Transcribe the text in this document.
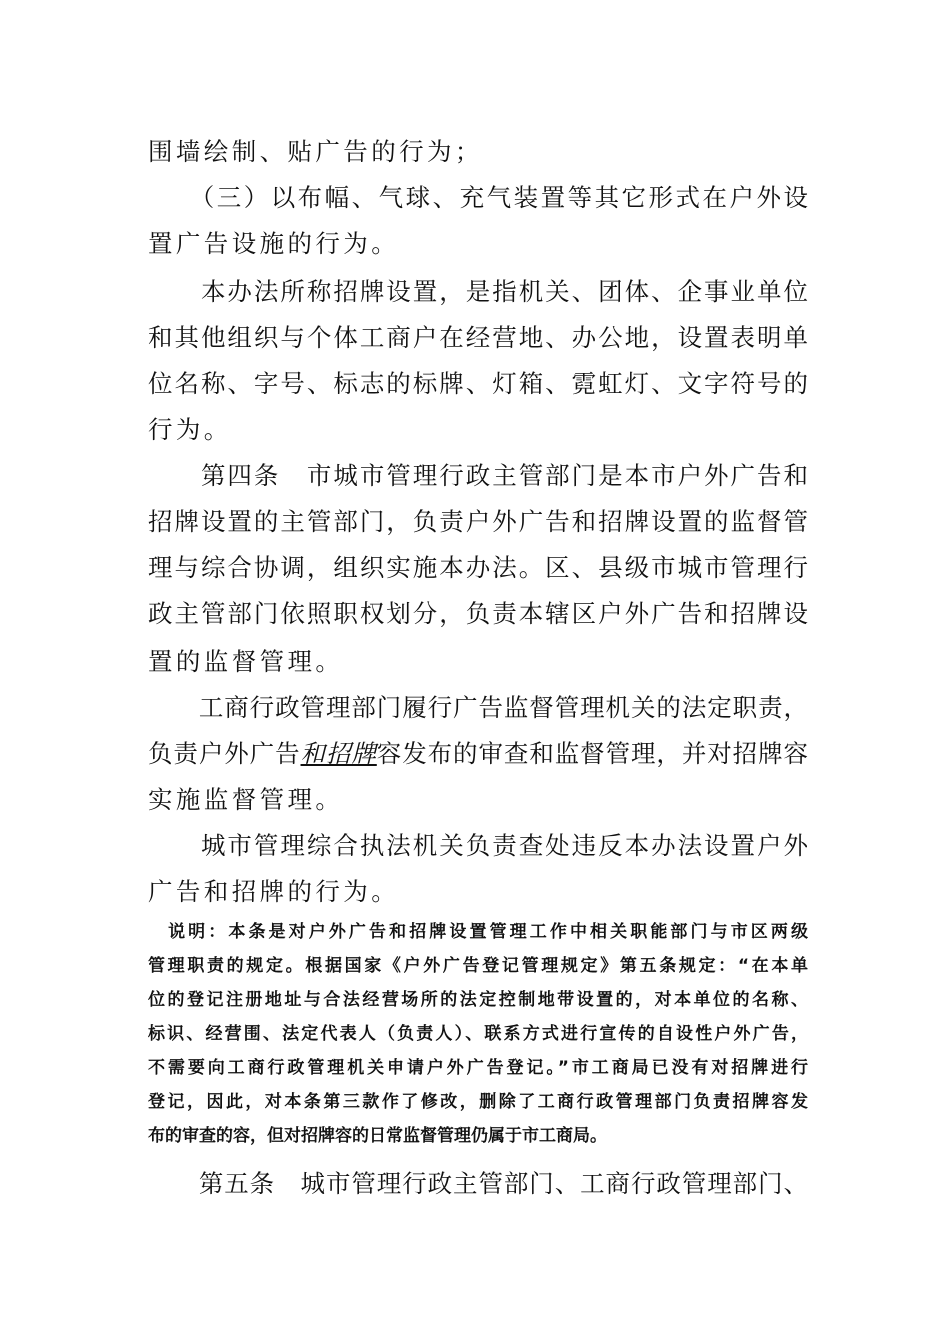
围墙绘制、贴广告的行为；
　　（三）以布幅、气球、充气装置等其它形式在户外设
置广告设施的行为。
　　本办法所称招牌设置，是指机关、团体、企事业单位
和其他组织与个体工商户在经营地、办公地，设置表明单
位名称、字号、标志的标牌、灯箱、霓虹灯、文字符号的
行为。
　　第四条　市城市管理行政主管部门是本市户外广告和
招牌设置的主管部门，负责户外广告和招牌设置的监督管
理与综合协调，组织实施本办法。区、县级市城市管理行
政主管部门依照职权划分，负责本辖区户外广告和招牌设
置的监督管理。
　　工商行政管理部门履行广告监督管理机关的法定职责，
负责户外广告和招牌容发布的审查和监督管理，并对招牌容
实施监督管理。
　　城市管理综合执法机关负责查处违反本办法设置户外
广告和招牌的行为。
　说明：本条是对户外广告和招牌设置管理工作中相关职能部门与市区两级
管理职责的规定。根据国家《户外广告登记管理规定》第五条规定：“在本单
位的登记注册地址与合法经营场所的法定控制地带设置的，对本单位的名称、
标识、经营围、法定代表人（负责人）、联系方式进行宣传的自设性户外广告，
不需要向工商行政管理机关申请户外广告登记。”市工商局已没有对招牌进行
登记，因此，对本条第三款作了修改，删除了工商行政管理部门负责招牌容发
布的审查的容，但对招牌容的日常监督管理仍属于市工商局。
　　第五条　城市管理行政主管部门、工商行政管理部门、
